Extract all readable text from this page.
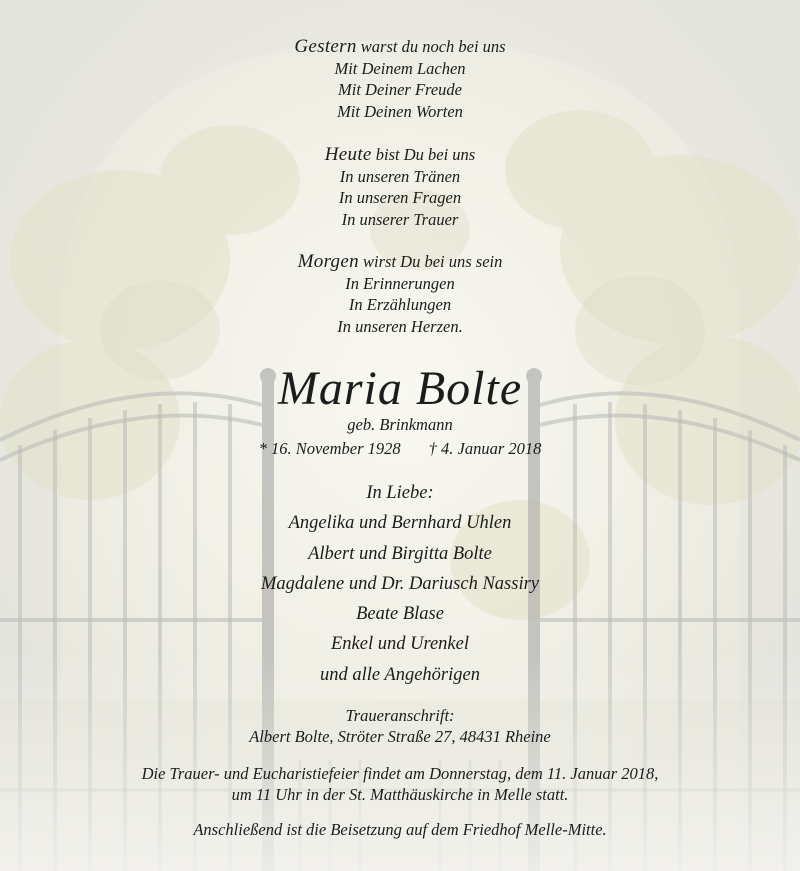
Gestern warst du noch bei uns
Mit Deinem Lachen
Mit Deiner Freude
Mit Deinen Worten
Heute bist Du bei uns
In unseren Tränen
In unseren Fragen
In unserer Trauer
Morgen wirst Du bei uns sein
In Erinnerungen
In Erzählungen
In unseren Herzen.
Maria Bolte
geb. Brinkmann
* 16. November 1928 † 4. Januar 2018
In Liebe:
Angelika und Bernhard Uhlen
Albert und Birgitta Bolte
Magdalene und Dr. Dariusch Nassiry
Beate Blase
Enkel und Urenkel
und alle Angehörigen
Traueranschrift:
Albert Bolte, Ströter Straße 27, 48431 Rheine
Die Trauer- und Eucharistiefeier findet am Donnerstag, dem 11. Januar 2018,
um 11 Uhr in der St. Matthäuskirche in Melle statt.
Anschließend ist die Beisetzung auf dem Friedhof Melle-Mitte.
